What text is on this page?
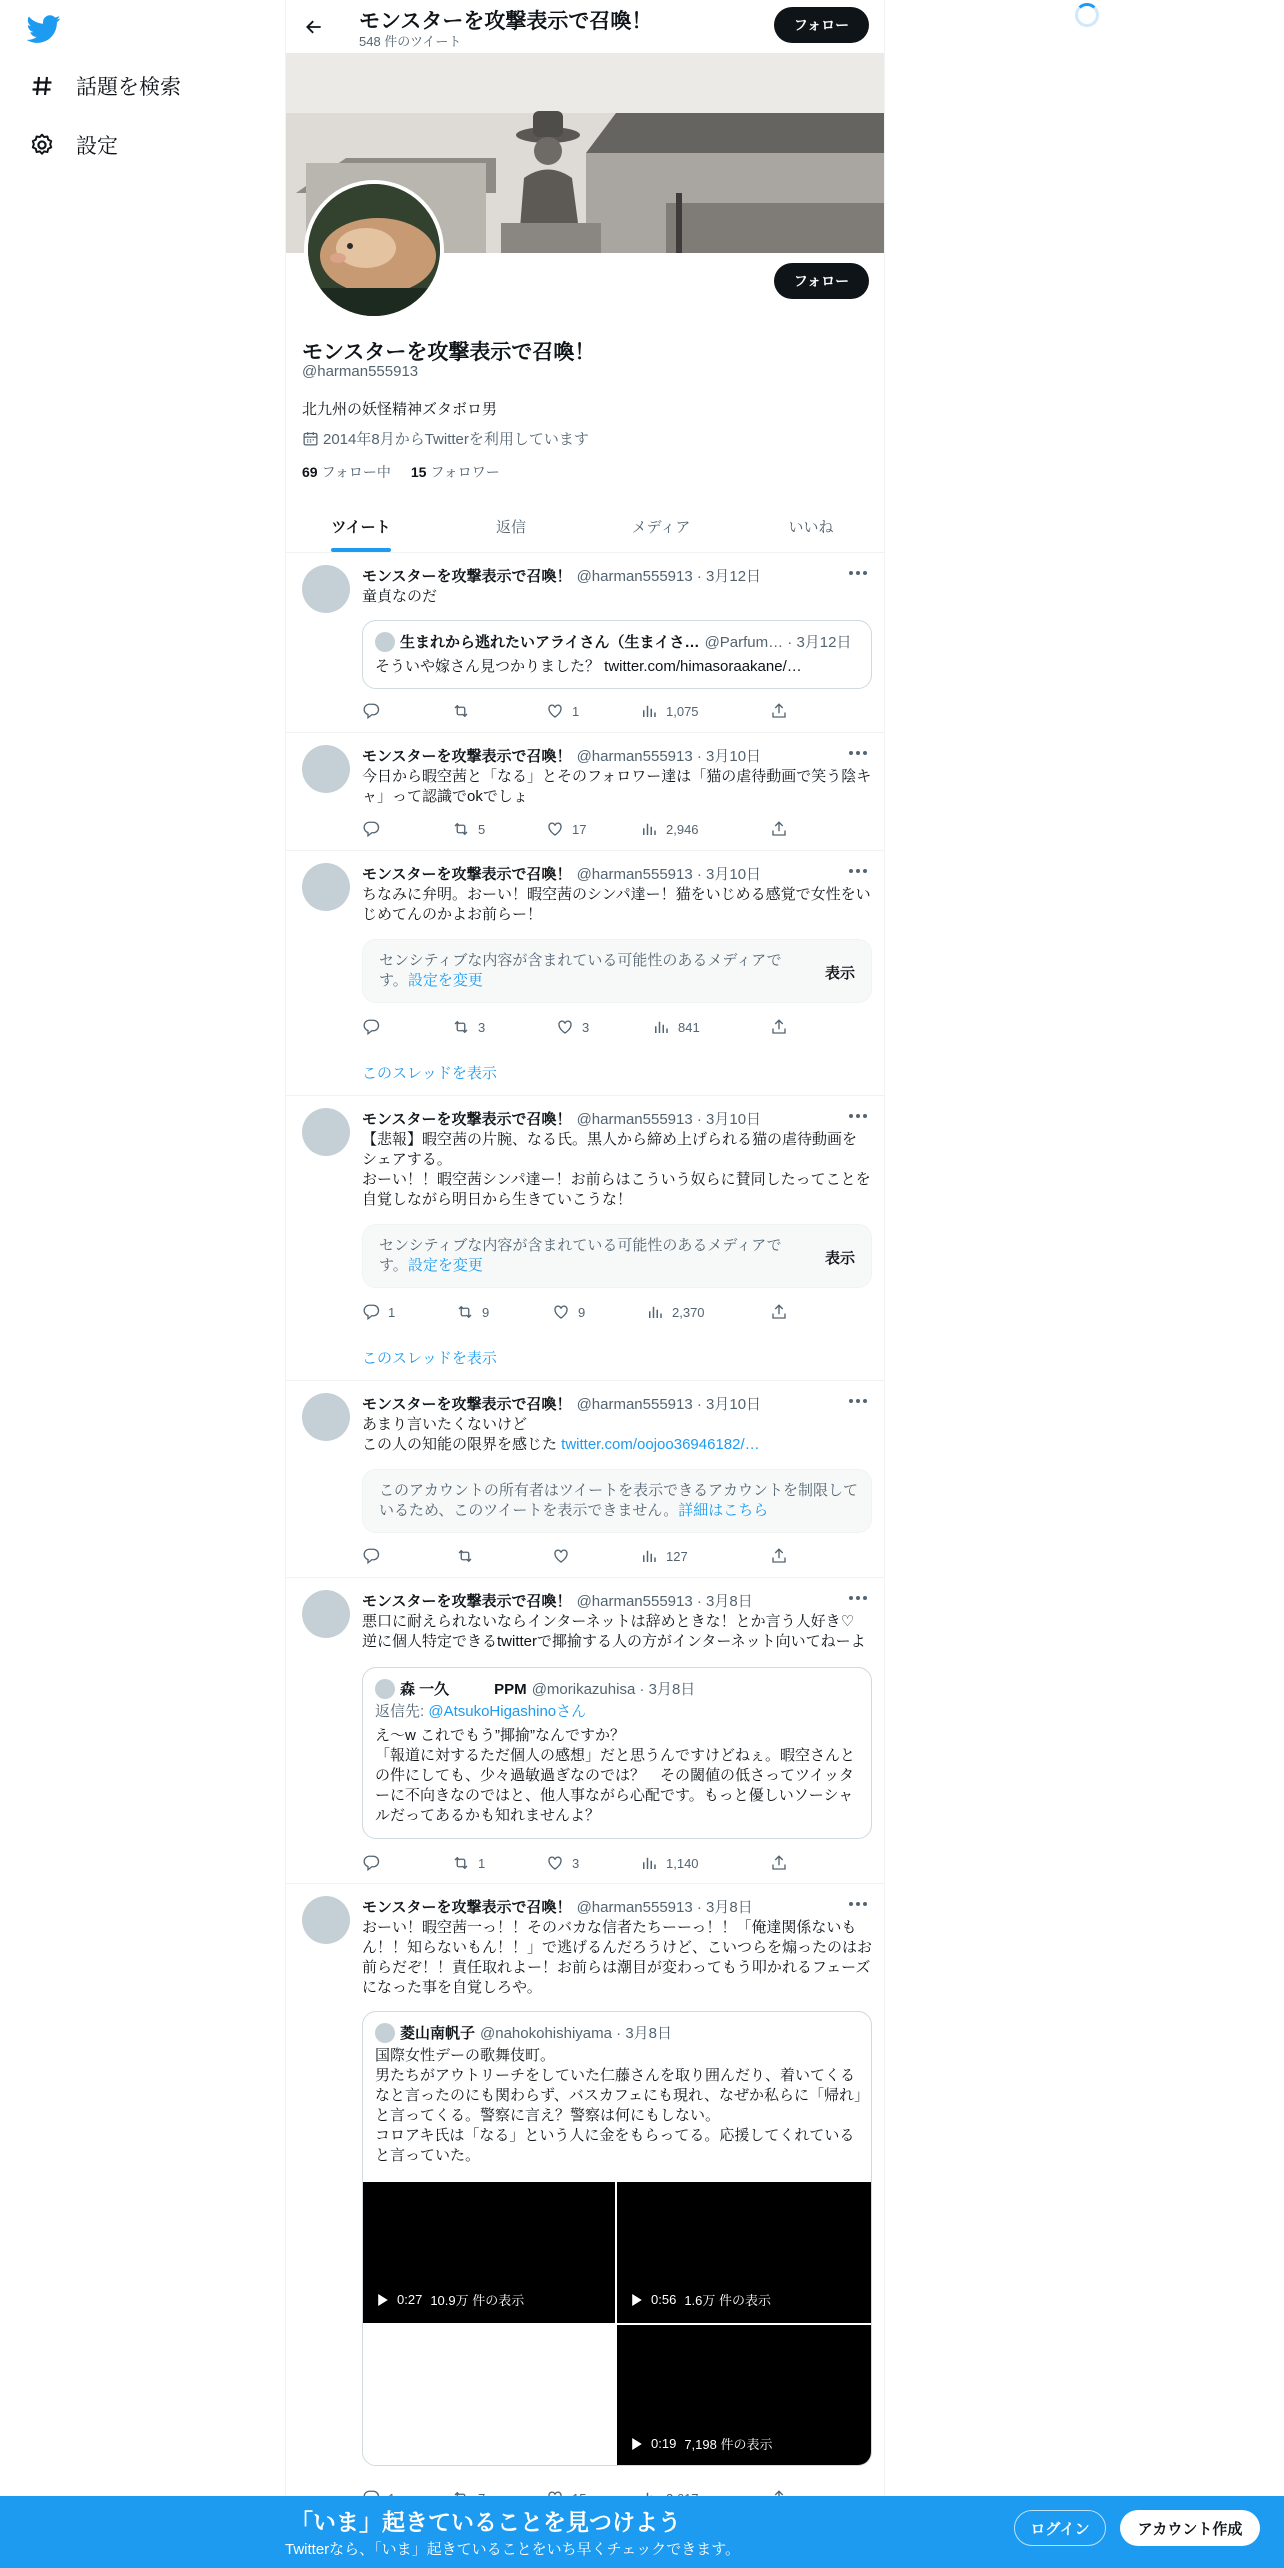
話題を検索
設定
モンスターを攻撃表示で召喚！
548 件のツイート
フォロー
フォロー
モンスターを攻撃表示で召喚！
@harman555913
北九州の妖怪精神ズタボロ男
2014年8月からTwitterを利用しています
69 フォロー中 15 フォロワー
ツイート	返信	メディア	いいね
モンスターを攻撃表示で召喚！ @harman555913 · 3月12日
童貞なのだ
生まれから逃れたいアライさん（生まイさ… @Parfum… · 3月12日
そういや嫁さん見つかりました？ twitter.com/himasoraakane/…
1	1,075
モンスターを攻撃表示で召喚！ @harman555913 · 3月10日
今日から暇空茜と「なる」とそのフォロワー達は「猫の虐待動画で笑う陰キャ」って認識でokでしょ
5	17	2,946
モンスターを攻撃表示で召喚！ @harman555913 · 3月10日
ちなみに弁明。おーい！暇空茜のシンパ達ー！猫をいじめる感覚で女性をいじめてんのかよお前らー！
センシティブな内容が含まれている可能性のあるメディアです。設定を変更	表示
3	3	841
このスレッドを表示
モンスターを攻撃表示で召喚！ @harman555913 · 3月10日
【悲報】暇空茜の片腕、なる氏。黒人から締め上げられる猫の虐待動画をシェアする。
おーい！！暇空茜シンパ達ー！お前らはこういう奴らに賛同したってことを自覚しながら明日から生きていこうな！
センシティブな内容が含まれている可能性のあるメディアです。設定を変更	表示
1	9	9	2,370
このスレッドを表示
モンスターを攻撃表示で召喚！ @harman555913 · 3月10日
あまり言いたくないけど
この人の知能の限界を感じた twitter.com/oojoo36946182/…
このアカウントの所有者はツイートを表示できるアカウントを制限しているため、このツイートを表示できません。詳細はこちら
127
モンスターを攻撃表示で召喚！ @harman555913 · 3月8日
悪口に耐えられないならインターネットは辞めときな！とか言う人好き♡
逆に個人特定できるtwitterで揶揄する人の方がインターネット向いてねーよ
森 一久　　　PPM @morikazuhisa · 3月8日
返信先: @AtsukoHigashinoさん
え〜w これでもう”揶揄”なんですか？
「報道に対するただ個人の感想」だと思うんですけどねぇ。暇空さんとの件にしても、少々過敏過ぎなのでは？　その閾値の低さってツイッターに不向きなのではと、他人事ながら心配です。もっと優しいソーシャルだってあるかも知れませんよ？
1	3	1,140
モンスターを攻撃表示で召喚！ @harman555913 · 3月8日
おーい！暇空茜一っ！！そのバカな信者たちーーっ！！「俺達関係ないもん！！知らないもん！！」で逃げるんだろうけど、こいつらを煽ったのはお前らだぞ！！責任取れよー！お前らは潮目が変わってもう叩かれるフェーズになった事を自覚しろや。
菱山南帆子 @nahokohishiyama · 3月8日
国際女性デーの歌舞伎町。
男たちがアウトリーチをしていた仁藤さんを取り囲んだり、着いてくるなと言ったのにも関わらず、バスカフェにも現れ、なぜか私らに「帰れ」と言ってくる。警察に言え？警察は何にもしない。
コロアキ氏は「なる」という人に金をもらってる。応援してくれていると言っていた。
0:27 10.9万 件の表示	0:56 1.6万 件の表示
0:19 7,198 件の表示
「いま」起きていることを見つけよう
Twitterなら、「いま」起きていることをいち早くチェックできます。
ログイン	アカウント作成
